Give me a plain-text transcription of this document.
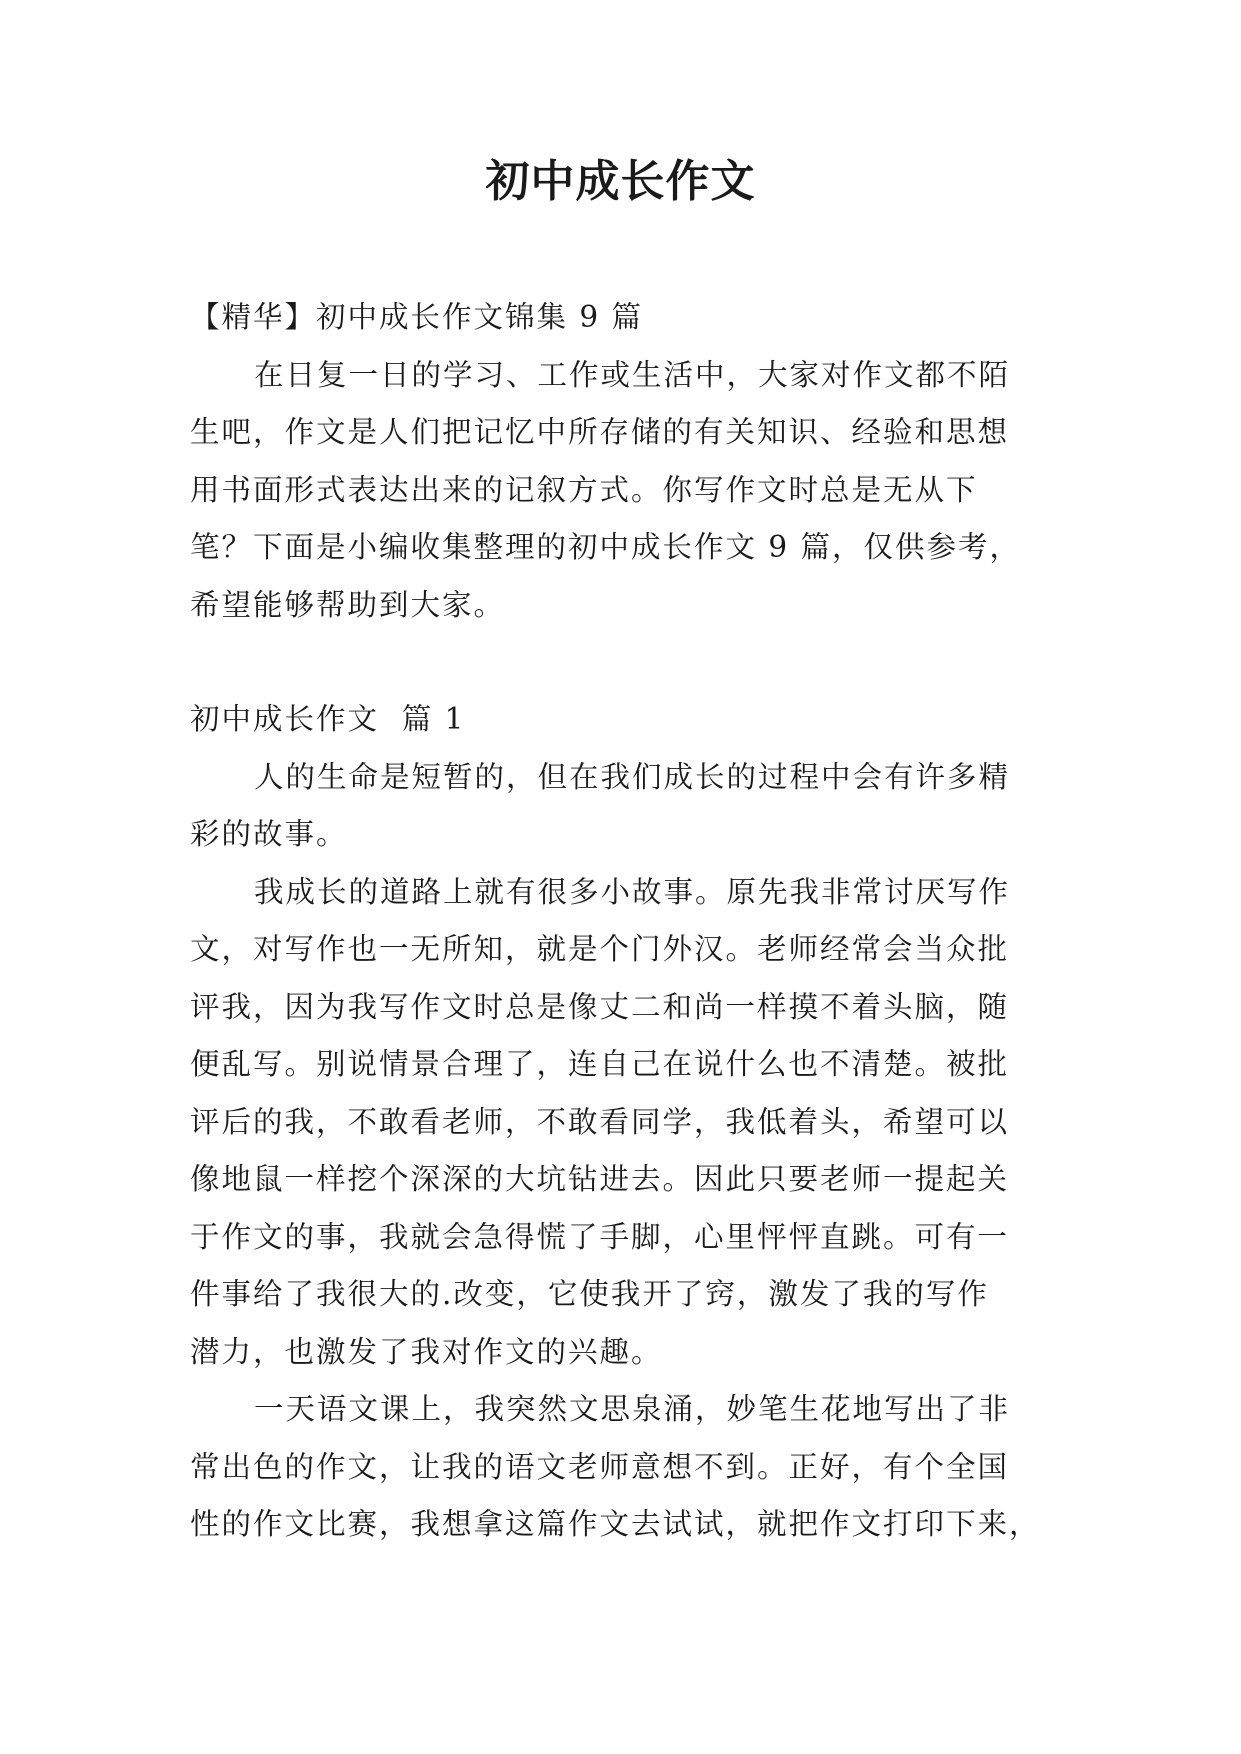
初中成长作文
【精华】初中成长作文锦集 9 篇
在日复一日的学习、工作或生活中，大家对作文都不陌
生吧，作文是人们把记忆中所存储的有关知识、经验和思想
用书面形式表达出来的记叙方式。你写作文时总是无从下
笔？下面是小编收集整理的初中成长作文 9 篇，仅供参考，
希望能够帮助到大家。
初中成长作文  篇 1
人的生命是短暂的，但在我们成长的过程中会有许多精
彩的故事。
我成长的道路上就有很多小故事。原先我非常讨厌写作
文，对写作也一无所知，就是个门外汉。老师经常会当众批
评我，因为我写作文时总是像丈二和尚一样摸不着头脑，随
便乱写。别说情景合理了，连自己在说什么也不清楚。被批
评后的我，不敢看老师，不敢看同学，我低着头，希望可以
像地鼠一样挖个深深的大坑钻进去。因此只要老师一提起关
于作文的事，我就会急得慌了手脚，心里怦怦直跳。可有一
件事给了我很大的.改变，它使我开了窍，激发了我的写作
潜力，也激发了我对作文的兴趣。
一天语文课上，我突然文思泉涌，妙笔生花地写出了非
常出色的作文，让我的语文老师意想不到。正好，有个全国
性的作文比赛，我想拿这篇作文去试试，就把作文打印下来，
